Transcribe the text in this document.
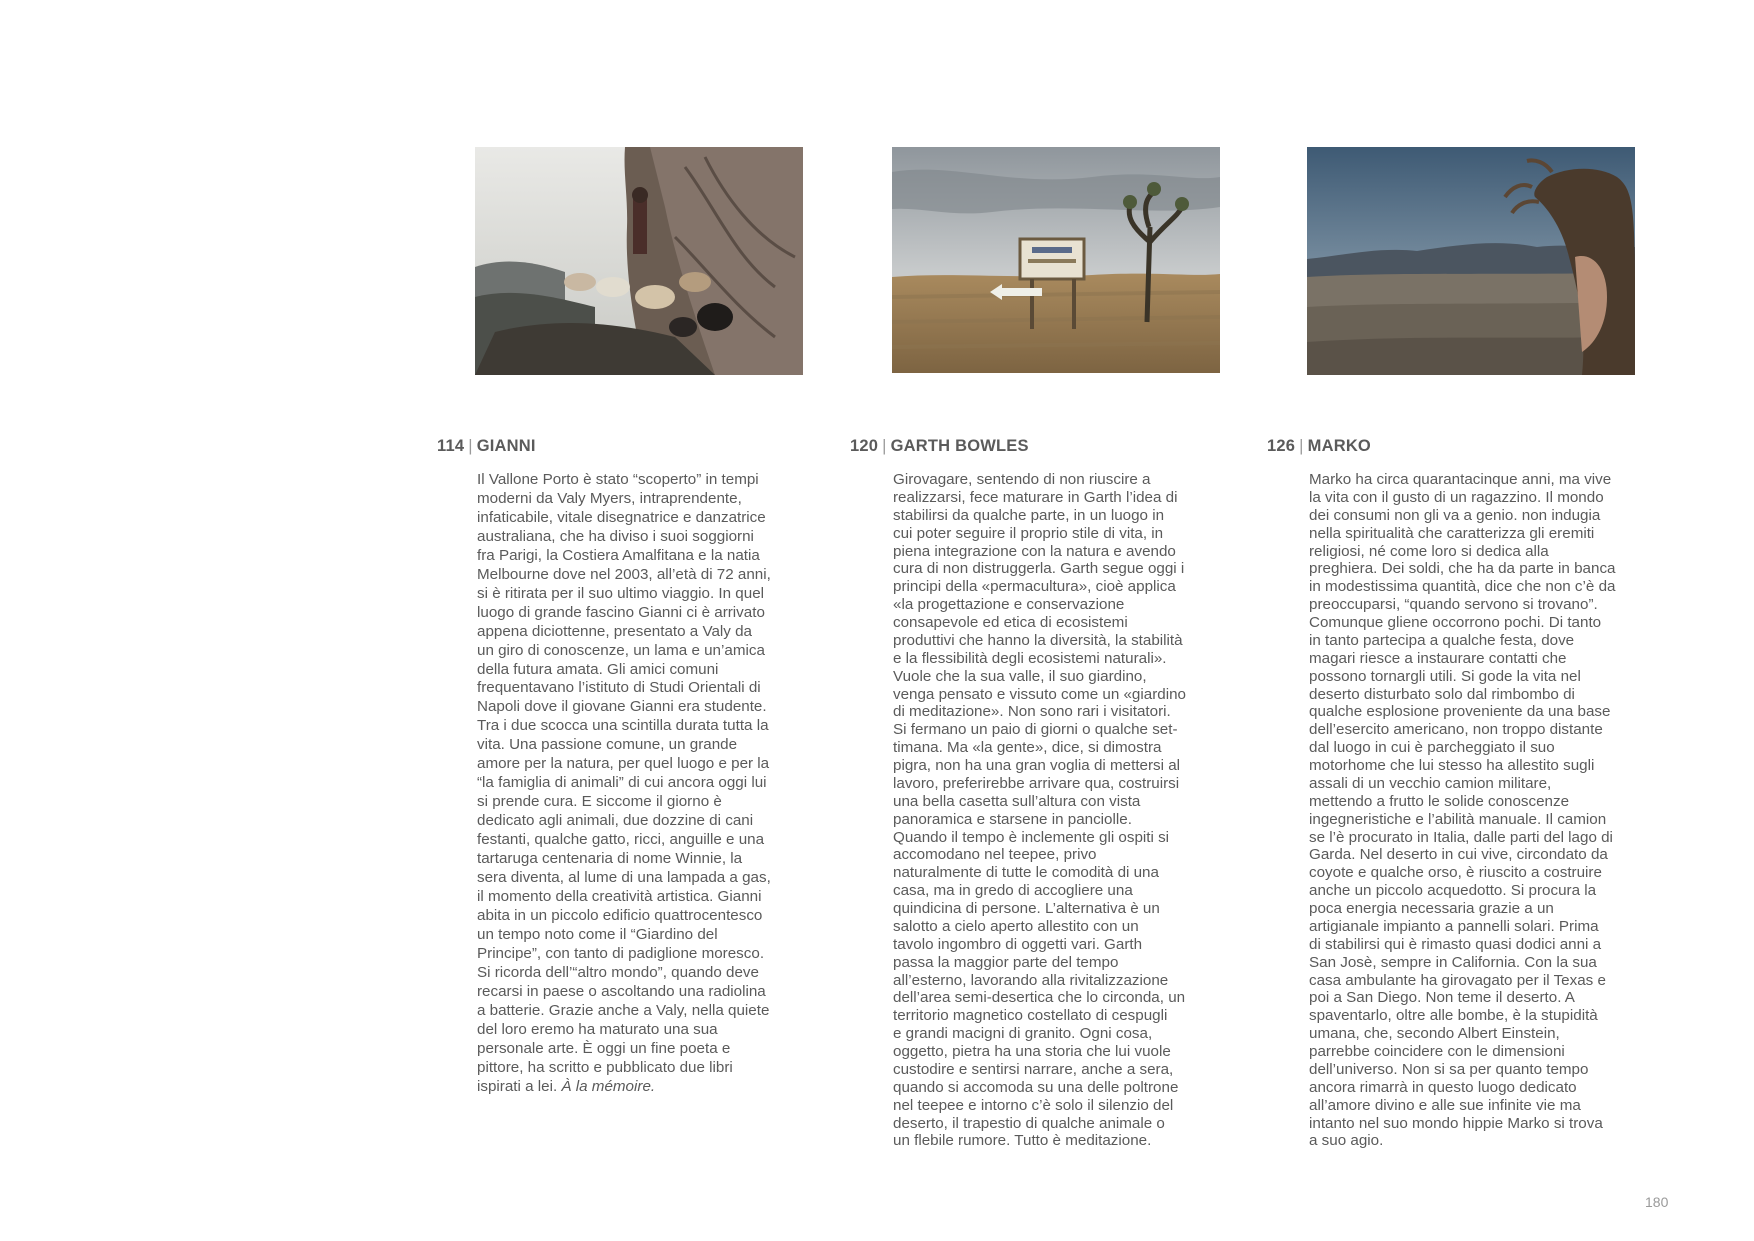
114 | GIANNI	120 | GARTH BOWLES	126 | MARKO
Il Vallone Porto è stato “scoperto” in tempi
moderni da Valy Myers, intraprendente,
infaticabile, vitale disegnatrice e danzatrice
australiana, che ha diviso i suoi soggiorni
fra Parigi, la Costiera Amalfitana e la natia
Melbourne dove nel 2003, all’età di 72 anni,
si è ritirata per il suo ultimo viaggio. In quel
luogo di grande fascino Gianni ci è arrivato
appena diciottenne, presentato a Valy da
un giro di conoscenze, un lama e un’amica
della futura amata. Gli amici comuni
frequentavano l’istituto di Studi Orientali di
Napoli dove il giovane Gianni era studente.
Tra i due scocca una scintilla durata tutta la
vita. Una passione comune, un grande
amore per la natura, per quel luogo e per la
“la famiglia di animali” di cui ancora oggi lui
si prende cura. E siccome il giorno è
dedicato agli animali, due dozzine di cani
festanti, qualche gatto, ricci, anguille e una
tartaruga centenaria di nome Winnie, la
sera diventa, al lume di una lampada a gas,
il momento della creatività artistica. Gianni
abita in un piccolo edificio quattrocentesco
un tempo noto come il “Giardino del
Principe”, con tanto di padiglione moresco.
Si ricorda dell’“altro mondo”, quando deve
recarsi in paese o ascoltando una radiolina
a batterie. Grazie anche a Valy, nella quiete
del loro eremo ha maturato una sua
personale arte. È oggi un fine poeta e
pittore, ha scritto e pubblicato due libri
ispirati a lei. À la mémoire.
Girovagare, sentendo di non riuscire a
realizzarsi, fece maturare in Garth l’idea di
stabilirsi da qualche parte, in un luogo in
cui poter seguire il proprio stile di vita, in
piena integrazione con la natura e avendo
cura di non distruggerla. Garth segue oggi i
principi della «permacultura», cioè applica
«la progettazione e conservazione
consapevole ed etica di ecosistemi
produttivi che hanno la diversità, la stabilità
e la flessibilità degli ecosistemi naturali».
Vuole che la sua valle, il suo giardino,
venga pensato e vissuto come un «giardino
di meditazione». Non sono rari i visitatori.
Si fermano un paio di giorni o qualche set-
timana. Ma «la gente», dice, si dimostra
pigra, non ha una gran voglia di mettersi al
lavoro, preferirebbe arrivare qua, costruirsi
una bella casetta sull’altura con vista
panoramica e starsene in panciolle.
Quando il tempo è inclemente gli ospiti si
accomodano nel teepee, privo
naturalmente di tutte le comodità di una
casa, ma in gredo di accogliere una
quindicina di persone. L’alternativa è un
salotto a cielo aperto allestito con un
tavolo ingombro di oggetti vari. Garth
passa la maggior parte del tempo
all’esterno, lavorando alla rivitalizzazione
dell’area semi-desertica che lo circonda, un
territorio magnetico costellato di cespugli
e grandi macigni di granito. Ogni cosa,
oggetto, pietra ha una storia che lui vuole
custodire e sentirsi narrare, anche a sera,
quando si accomoda su una delle poltrone
nel teepee e intorno c’è solo il silenzio del
deserto, il trapestio di qualche animale o
un flebile rumore. Tutto è meditazione.
Marko ha circa quarantacinque anni, ma vive
la vita con il gusto di un ragazzino. Il mondo
dei consumi non gli va a genio. non indugia
nella spiritualità che caratterizza gli eremiti
religiosi, né come loro si dedica alla
preghiera. Dei soldi, che ha da parte in banca
in modestissima quantità, dice che non c’è da
preoccuparsi, “quando servono si trovano”.
Comunque gliene occorrono pochi. Di tanto
in tanto partecipa a qualche festa, dove
magari riesce a instaurare contatti che
possono tornargli utili. Si gode la vita nel
deserto disturbato solo dal rimbombo di
qualche esplosione proveniente da una base
dell’esercito americano, non troppo distante
dal luogo in cui è parcheggiato il suo
motorhome che lui stesso ha allestito sugli
assali di un vecchio camion militare,
mettendo a frutto le solide conoscenze
ingegneristiche e l’abilità manuale. Il camion
se l’è procurato in Italia, dalle parti del lago di
Garda. Nel deserto in cui vive, circondato da
coyote e qualche orso, è riuscito a costruire
anche un piccolo acquedotto. Si procura la
poca energia necessaria grazie a un
artigianale impianto a pannelli solari. Prima
di stabilirsi qui è rimasto quasi dodici anni a
San Josè, sempre in California. Con la sua
casa ambulante ha girovagato per il Texas e
poi a San Diego. Non teme il deserto. A
spaventarlo, oltre alle bombe, è la stupidità
umana, che, secondo Albert Einstein,
parrebbe coincidere con le dimensioni
dell’universo. Non si sa per quanto tempo
ancora rimarrà in questo luogo dedicato
all’amore divino e alle sue infinite vie ma
intanto nel suo mondo hippie Marko si trova
a suo agio.
180
